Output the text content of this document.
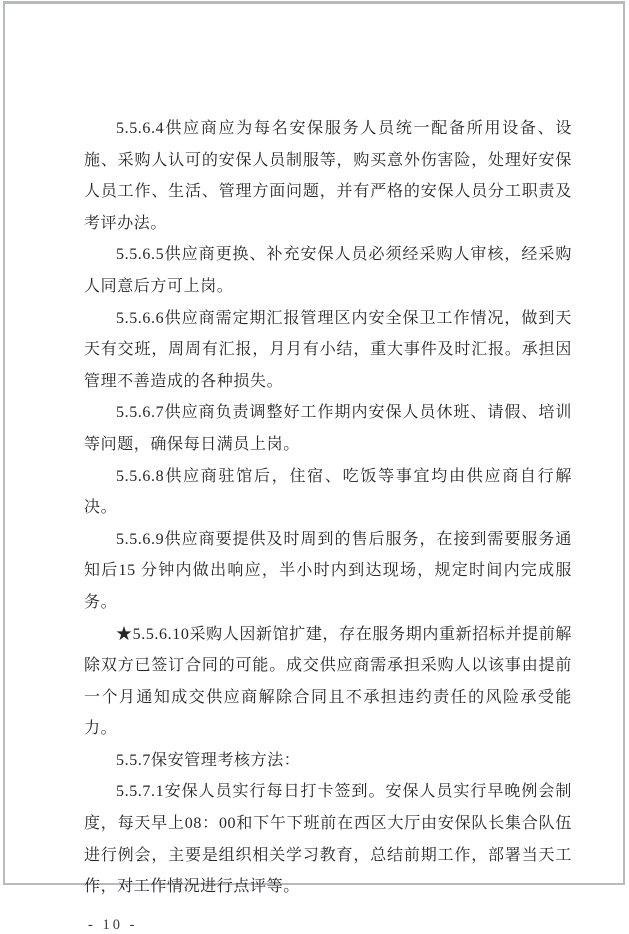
5.5.6.4供应商应为每名安保服务人员统一配备所用设备、设施、采购人认可的安保人员制服等，购买意外伤害险，处理好安保人员工作、生活、管理方面问题，并有严格的安保人员分工职责及考评办法。

5.5.6.5供应商更换、补充安保人员必须经采购人审核，经采购人同意后方可上岗。

5.5.6.6供应商需定期汇报管理区内安全保卫工作情况，做到天天有交班，周周有汇报，月月有小结，重大事件及时汇报。承担因管理不善造成的各种损失。

5.5.6.7供应商负责调整好工作期内安保人员休班、请假、培训等问题，确保每日满员上岗。

5.5.6.8供应商驻馆后，住宿、吃饭等事宜均由供应商自行解决。

5.5.6.9供应商要提供及时周到的售后服务，在接到需要服务通知后15 分钟内做出响应，半小时内到达现场，规定时间内完成服务。

★5.5.6.10采购人因新馆扩建，存在服务期内重新招标并提前解除双方已签订合同的可能。成交供应商需承担采购人以该事由提前一个月通知成交供应商解除合同且不承担违约责任的风险承受能力。

5.5.7保安管理考核方法：

5.5.7.1安保人员实行每日打卡签到。安保人员实行早晚例会制度，每天早上08：00和下午下班前在西区大厅由安保队长集合队伍进行例会，主要是组织相关学习教育，总结前期工作，部署当天工作，对工作情况进行点评等。

- 10 -
